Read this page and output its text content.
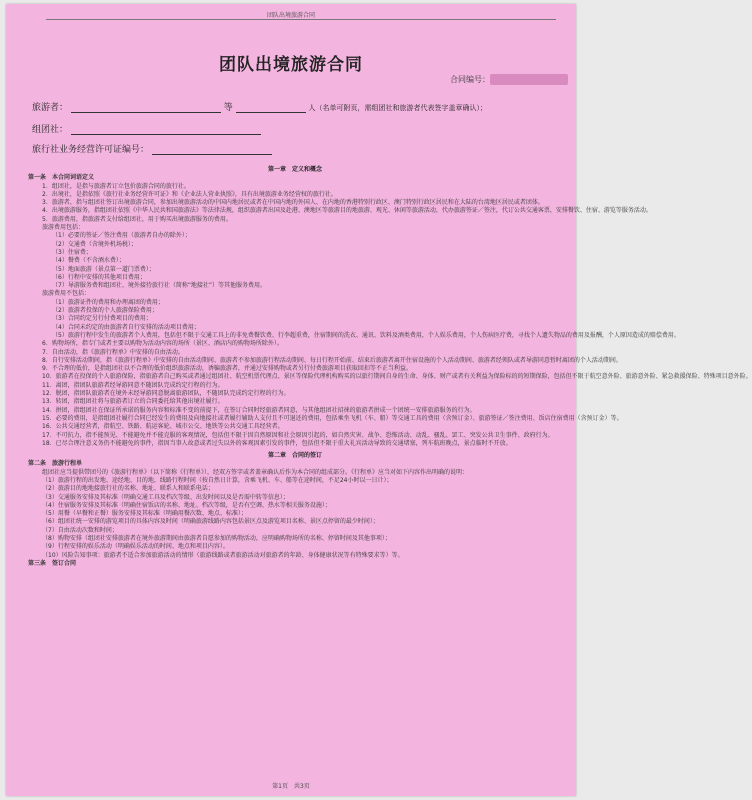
团队出境旅游合同
团队出境旅游合同
合同编号：
旅游者：	等	人（名单可附页，需组团社和旅游者代表签字盖章确认）；
组团社：
旅行社业务经营许可证编号：

第一章　定义和概念

第一条　本合同词语定义

1．组团社，是指与旅游者订立包价旅游合同的旅行社。

2．出境社，是指依照《旅行社业务经营许可证》和《企业法人营业执照》，具有出境旅游业务经营权的旅行社。

3．旅游者，指与组团社签订出境旅游合同，参加出境旅游活动的中国内地居民或者在中国内地的外国人、在内地的香港特别行政区、澳门特别行政区居民和在大陆的台湾地区居民或者团体。

4．出境旅游服务，指组团社依照《中华人民共和国旅游法》等法律法规，组织旅游者出国及赴港、澳地区等旅游目的地旅游、观光、休闲等旅游活动，代办旅游签证／签注，代订公共交通客票，安排餐饮、住宿、游览等服务活动。

5．旅游费用，指旅游者支付给组团社，用于购买出境旅游服务的费用。

旅游费用包括：

（1）必要的签证／签注费用（旅游者自办的除外）；

（2）交通费（含境外机场税）；

（3）住宿费；

（4）餐费（不含酒水费）；

（5）地面旅游（景点第一道门票费）；

（6）行程中安排的其他项目费用；

（7）导游服务费和组团社、境外接待旅行社（简称“地接社”）等其他服务费用。

旅游费用不包括：

（1）旅游证件的费用和办理离团的费用；

（2）旅游者投保的个人旅游保险费用；

（3）合同约定另行付费项目的费用；

（4）合同未约定的由旅游者自行安排的活动项目费用；

（5）旅游行程中发生的旅游者个人费用，包括但不限于交通工具上的非免费餐饮费、行李超重费，住宿期间的洗衣、通讯、饮料及酒类费用，个人娱乐费用，个人伤病医疗费，寻找个人遗失物品的费用及报酬，个人原因造成的赔偿费用。

6．购物场所，指专门或者主要以购物为活动内容的场所（景区、酒店内的购物场所除外）。

7．自由活动，指《旅游行程单》中安排的自由活动。

8．自行安排活动期间，指《旅游行程单》中安排的自由活动期间、旅游者不参加旅游行程活动期间、每日行程开始前、结束后旅游者离开住宿设施的个人活动期间、旅游者经领队或者导游同意暂时离团的个人活动期间。

9．不合理的低价，是指组团社以不合理的低价组织旅游活动，诱骗旅游者，并通过安排购物或者另行付费旅游项目获取回扣等不正当利益。

10．旅游者在投保的个人旅游保险，指旅游者自己购买或者通过组团社、航空机票代理点、景区等保险代理机构购买的以旅行期间自身的生命、身体、财产或者有关利益为保险标的的短期保险，包括但不限于航空意外险、旅游意外险、紧急救援保险、特殊项目意外险。

11．离团，指团队旅游者经导游同意不随团队完成约定行程的行为。

12．脱团，指团队旅游者在境外未经导游同意脱离旅游团队，不随团队完成约定行程的行为。

13．转团，指组团社将与旅游者订立的合同委托给其他出境社履行。

14．拼团，指组团社在保证所承诺的服务内容和标准不变的前提下，在签订合同时经旅游者同意，与其他组团社招徕的旅游者拼成一个团统一安排旅游服务的行为。

15．必要的费用，是指组团社履行合同已经发生的费用及向地接社或者履行辅助人支付且不可退还的费用，包括乘坐飞机（车、船）等交通工具的费用（含预订金）、旅游签证／签注费用、饭店住宿费用（含预订金）等。

16．公共交通经营者，指航空、铁路、航运客轮、城市公交、地铁等公共交通工具经营者。

17．不可抗力，指不能预见、不能避免并不能克服的客观情况，包括但不限于因自然原因和社会原因引起的，如自然灾害、战争、恐怖活动、动乱、骚乱、罢工、突发公共卫生事件、政府行为。

18．已尽合理注意义务仍不能避免的事件，指因当事人故意或者过失以外的客观因素引发的事件，包括但不限于重大礼宾活动导致的交通堵塞，列车航班晚点，景点临时不开放。

第二章　合同的签订

第二条　旅游行程单

组团社应当提供带团号的《旅游行程单》（以下简称《行程单》），经双方签字或者盖章确认后作为本合同的组成部分。《行程单》应当对如下内容作出明确的说明：

（1）旅游行程的出发地、途经地、目的地，线路行程时间（按自然日计算，含乘飞机、车、船等在途时间，不足24小时以一日计）；

（2）旅游目的地地接旅行社的名称、地址、联系人和联系电话；

（3）交通服务安排及其标准（明确交通工具及档次等级、出发时间以及是否需中转等信息）；

（4）住宿服务安排及其标准（明确住宿饭店的名称、地址、档次等级，是否有空调、热水等相关服务设施）；

（5）用餐（早餐和正餐）服务安排及其标准（明确用餐次数、地点、标准）；

（6）组团社统一安排的游览项目的具体内容及时间（明确旅游线路内容包括景区点及游览项目名称、景区点停留的最少时间）；

（7）自由活动次数和时间；

（8）购物安排（组团社安排旅游者在境外旅游期间由旅游者自愿参加的购物活动，应明确购物场所的名称、停留时间及其他事项）；

（9）行程安排的娱乐活动（明确娱乐活动的时间、地点和项目内容）。

（10）风险告知事项：旅游者不适合参加旅游活动的情形（旅游线路或者旅游活动对旅游者的年龄、身体健康状况等有特殊要求等）等。

第三条　签订合同

第1页　共3页
